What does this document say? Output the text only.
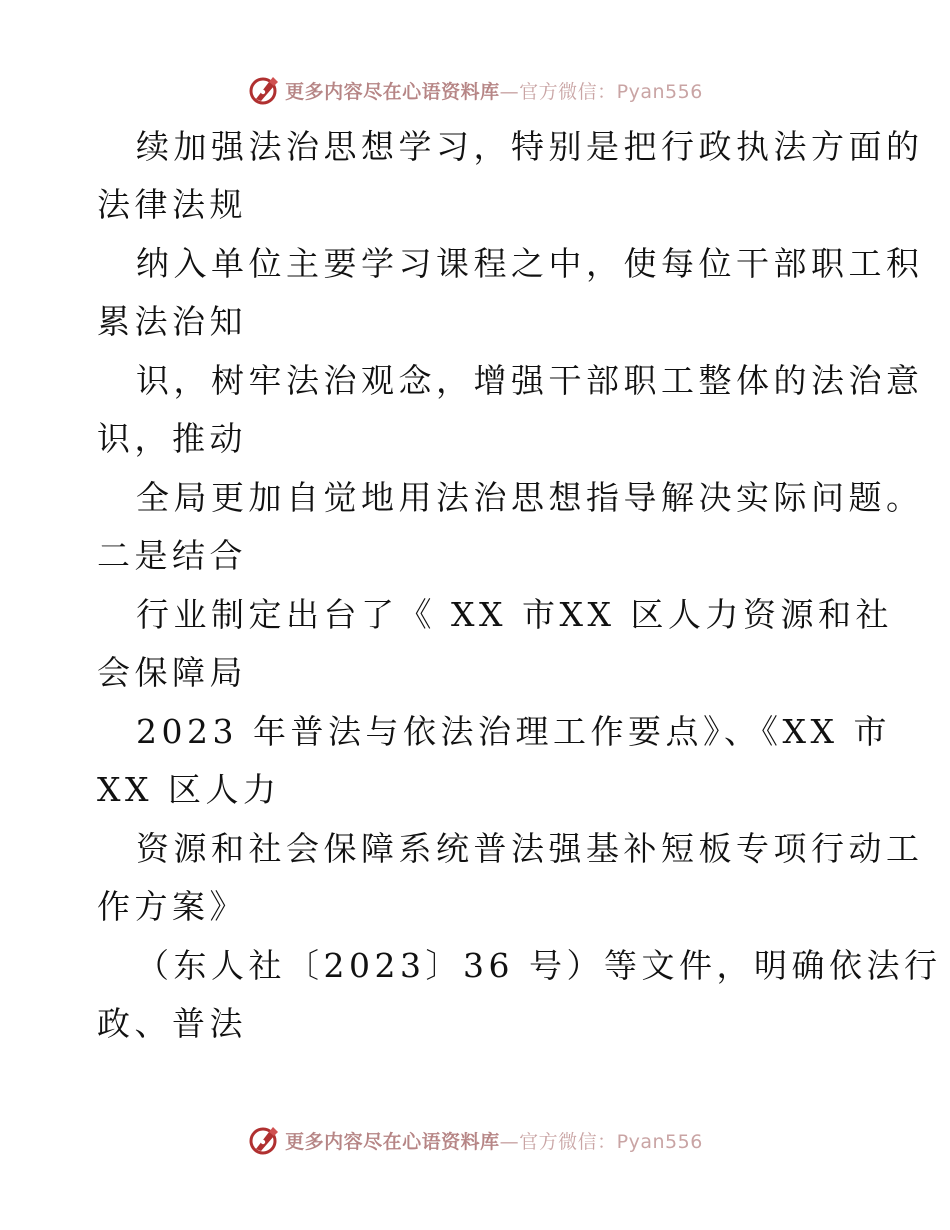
更多内容尽在心语资料库—官方微信：Pyan556
续加强法治思想学习，特别是把行政执法方面的
法律法规
纳入单位主要学习课程之中，使每位干部职工积
累法治知
识，树牢法治观念，增强干部职工整体的法治意
识，推动
全局更加自觉地用法治思想指导解决实际问题。
二是结合
行业制定出台了《 XX 市XX 区人力资源和社
会保障局
2023 年普法与依法治理工作要点》、《XX 市
XX 区人力
资源和社会保障系统普法强基补短板专项行动工
作方案》
（东人社〔2023〕36 号）等文件，明确依法行
政、普法
更多内容尽在心语资料库—官方微信：Pyan556
